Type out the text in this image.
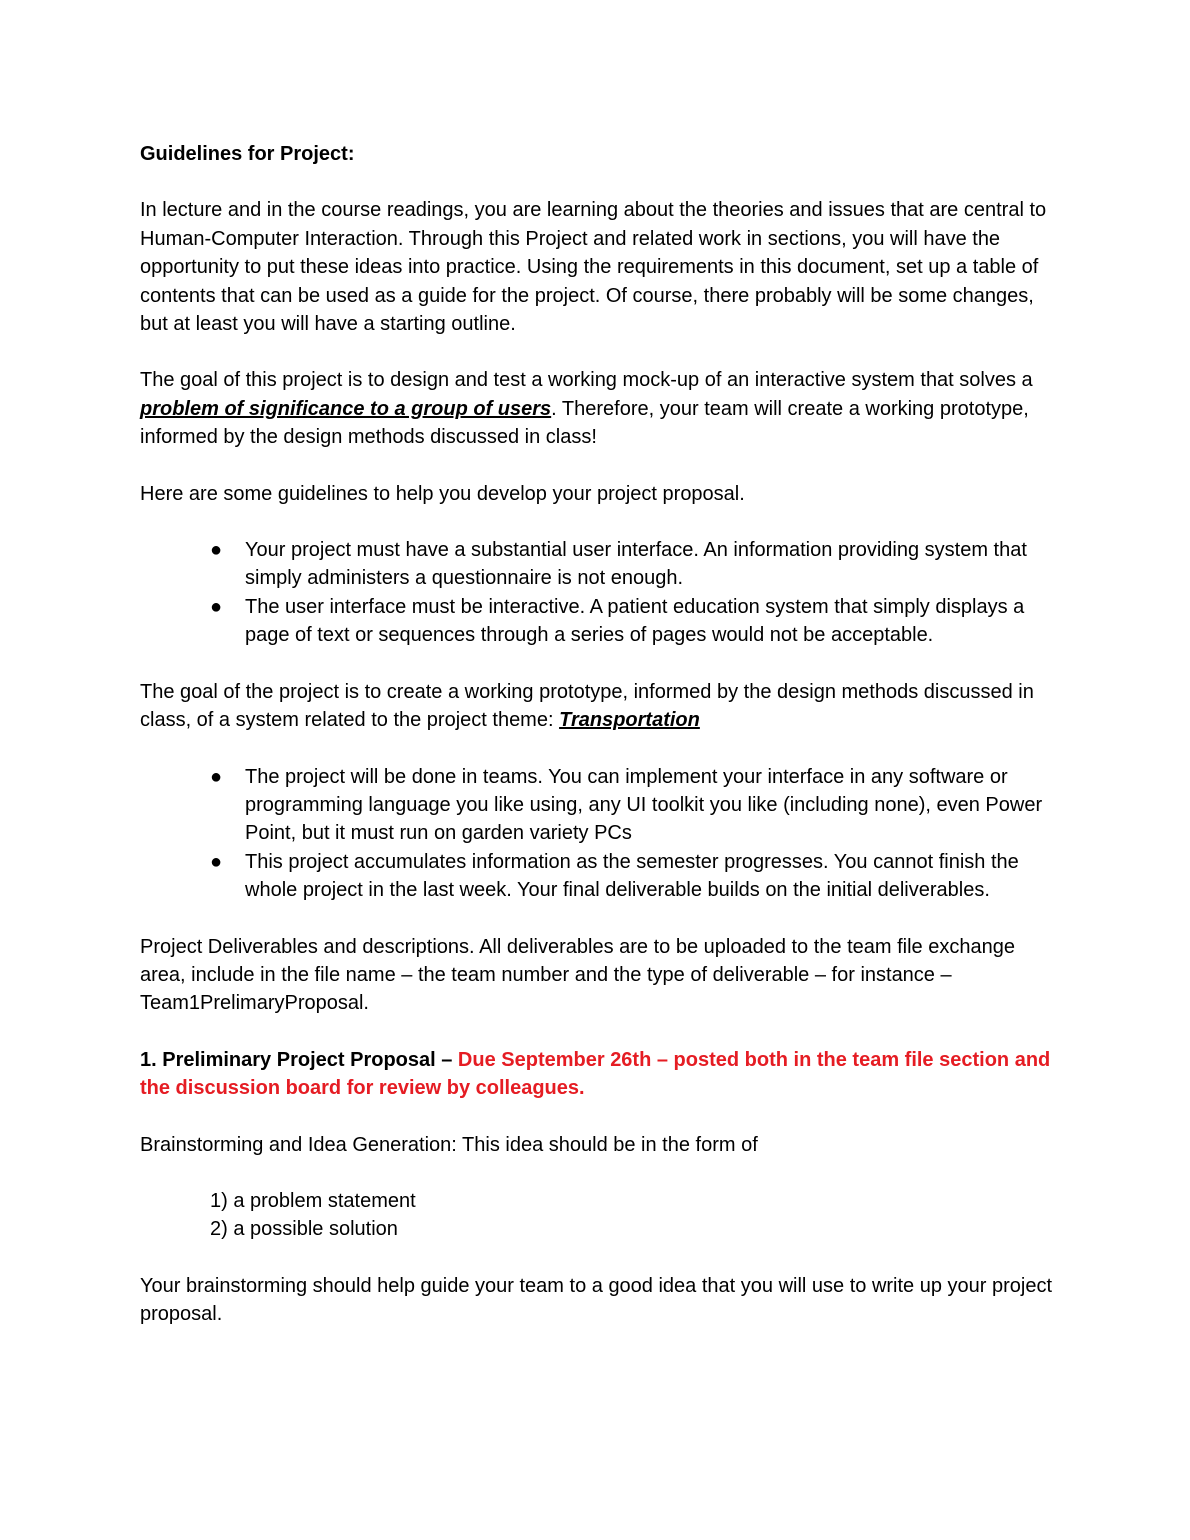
Guidelines for Project:

In lecture and in the course readings, you are learning about the theories and issues that are central to Human-Computer Interaction. Through this Project and related work in sections, you will have the opportunity to put these ideas into practice. Using the requirements in this document, set up a table of contents that can be used as a guide for the project. Of course, there probably will be some changes, but at least you will have a starting outline.

The goal of this project is to design and test a working mock-up of an interactive system that solves a problem of significance to a group of users. Therefore, your team will create a working prototype, informed by the design methods discussed in class!

Here are some guidelines to help you develop your project proposal.

● Your project must have a substantial user interface. An information providing system that simply administers a questionnaire is not enough.
● The user interface must be interactive. A patient education system that simply displays a page of text or sequences through a series of pages would not be acceptable.

The goal of the project is to create a working prototype, informed by the design methods discussed in class, of a system related to the project theme: Transportation

● The project will be done in teams. You can implement your interface in any software or programming language you like using, any UI toolkit you like (including none), even Power Point, but it must run on garden variety PCs
● This project accumulates information as the semester progresses. You cannot finish the whole project in the last week. Your final deliverable builds on the initial deliverables.

Project Deliverables and descriptions. All deliverables are to be uploaded to the team file exchange area, include in the file name – the team number and the type of deliverable – for instance – Team1PrelimaryProposal.

1. Preliminary Project Proposal – Due September 26th – posted both in the team file section and the discussion board for review by colleagues.

Brainstorming and Idea Generation: This idea should be in the form of

1) a problem statement
2) a possible solution

Your brainstorming should help guide your team to a good idea that you will use to write up your project proposal.
